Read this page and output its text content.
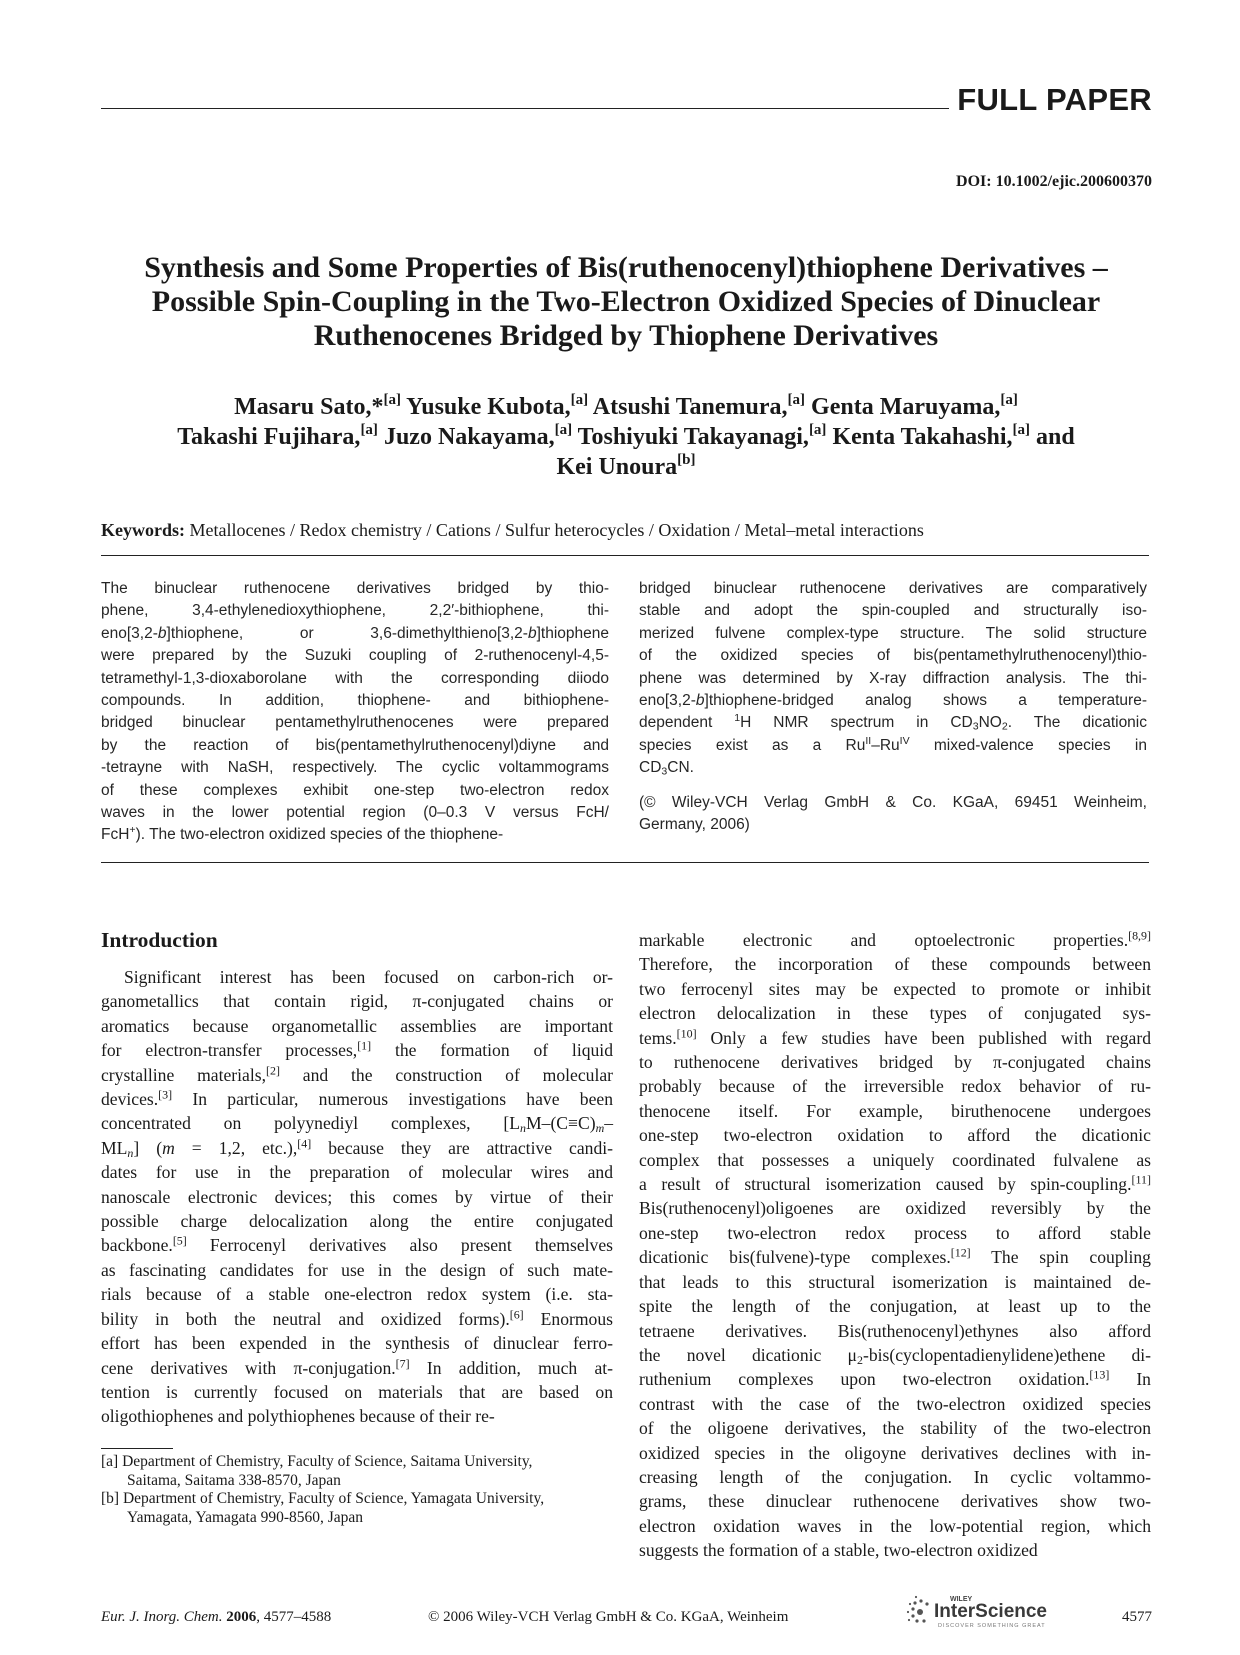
FULL PAPER
DOI: 10.1002/ejic.200600370
Synthesis and Some Properties of Bis(ruthenocenyl)thiophene Derivatives –
Possible Spin-Coupling in the Two-Electron Oxidized Species of Dinuclear
Ruthenocenes Bridged by Thiophene Derivatives
Masaru Sato,*[a] Yusuke Kubota,[a] Atsushi Tanemura,[a] Genta Maruyama,[a]
Takashi Fujihara,[a] Juzo Nakayama,[a] Toshiyuki Takayanagi,[a] Kenta Takahashi,[a] and
Kei Unoura[b]
Keywords: Metallocenes / Redox chemistry / Cations / Sulfur heterocycles / Oxidation / Metal–metal interactions
The binuclear ruthenocene derivatives bridged by thio-
phene, 3,4-ethylenedioxythiophene, 2,2′-bithiophene, thi-
eno[3,2-b]thiophene, or 3,6-dimethylthieno[3,2-b]thiophene
were prepared by the Suzuki coupling of 2-ruthenocenyl-4,5-
tetramethyl-1,3-dioxaborolane with the corresponding diiodo
compounds. In addition, thiophene- and bithiophene-
bridged binuclear pentamethylruthenocenes were prepared
by the reaction of bis(pentamethylruthenocenyl)diyne and
-tetrayne with NaSH, respectively. The cyclic voltammograms
of these complexes exhibit one-step two-electron redox
waves in the lower potential region (0–0.3 V versus FcH/
FcH+). The two-electron oxidized species of the thiophene-
bridged binuclear ruthenocene derivatives are comparatively
stable and adopt the spin-coupled and structurally iso-
merized fulvene complex-type structure. The solid structure
of the oxidized species of bis(pentamethylruthenocenyl)thio-
phene was determined by X-ray diffraction analysis. The thi-
eno[3,2-b]thiophene-bridged analog shows a temperature-
dependent $^1$H NMR spectrum in $CD_3NO_2$. The dicationic
species exist as a $Ru^{II}-Ru^{IV}$ mixed-valence species in
$CD_3CN$.
(© Wiley-VCH Verlag GmbH & Co. KGaA, 69451 Weinheim,
Germany, 2006)
Introduction
Significant interest has been focused on carbon-rich or-
ganometallics that contain rigid, π-conjugated chains or
aromatics because organometallic assemblies are important
for electron-transfer processes,[1] the formation of liquid
crystalline materials,[2] and the construction of molecular
devices.[3] In particular, numerous investigations have been
concentrated on polyynediyl complexes, [$L_nM-(C\equiv C)_m-$
$ML_n$] (m = 1,2, etc.),[4] because they are attractive candi-
dates for use in the preparation of molecular wires and
nanoscale electronic devices; this comes by virtue of their
possible charge delocalization along the entire conjugated
backbone.[5] Ferrocenyl derivatives also present themselves
as fascinating candidates for use in the design of such mate-
rials because of a stable one-electron redox system (i.e. sta-
bility in both the neutral and oxidized forms).[6] Enormous
effort has been expended in the synthesis of dinuclear ferro-
cene derivatives with π-conjugation.[7] In addition, much at-
tention is currently focused on materials that are based on
oligothiophenes and polythiophenes because of their re-
markable electronic and optoelectronic properties.[8,9]
Therefore, the incorporation of these compounds between
two ferrocenyl sites may be expected to promote or inhibit
electron delocalization in these types of conjugated sys-
tems.[10] Only a few studies have been published with regard
to ruthenocene derivatives bridged by π-conjugated chains
probably because of the irreversible redox behavior of ru-
thenocene itself. For example, biruthenocene undergoes
one-step two-electron oxidation to afford the dicationic
complex that possesses a uniquely coordinated fulvalene as
a result of structural isomerization caused by spin-coupling.[11]
Bis(ruthenocenyl)oligoenes are oxidized reversibly by the
one-step two-electron redox process to afford stable
dicationic bis(fulvene)-type complexes.[12] The spin coupling
that leads to this structural isomerization is maintained de-
spite the length of the conjugation, at least up to the
tetraene derivatives. Bis(ruthenocenyl)ethynes also afford
the novel dicationic $\mu_2-bis(cyclopentadienylidene)ethene$ di-
ruthenium complexes upon two-electron oxidation.[13] In
contrast with the case of the two-electron oxidized species
of the oligoene derivatives, the stability of the two-electron
oxidized species in the oligoyne derivatives declines with in-
creasing length of the conjugation. In cyclic voltammo-
grams, these dinuclear ruthenocene derivatives show two-
electron oxidation waves in the low-potential region, which
suggests the formation of a stable, two-electron oxidized
[a] Department of Chemistry, Faculty of Science, Saitama University,
Saitama, Saitama 338-8570, Japan
[b] Department of Chemistry, Faculty of Science, Yamagata University,
Yamagata, Yamagata 990-8560, Japan
Eur. J. Inorg. Chem. 2006, 4577–4588	© 2006 Wiley-VCH Verlag GmbH & Co. KGaA, Weinheim
WILEY
InterScience
DISCOVER SOMETHING GREAT
4577
